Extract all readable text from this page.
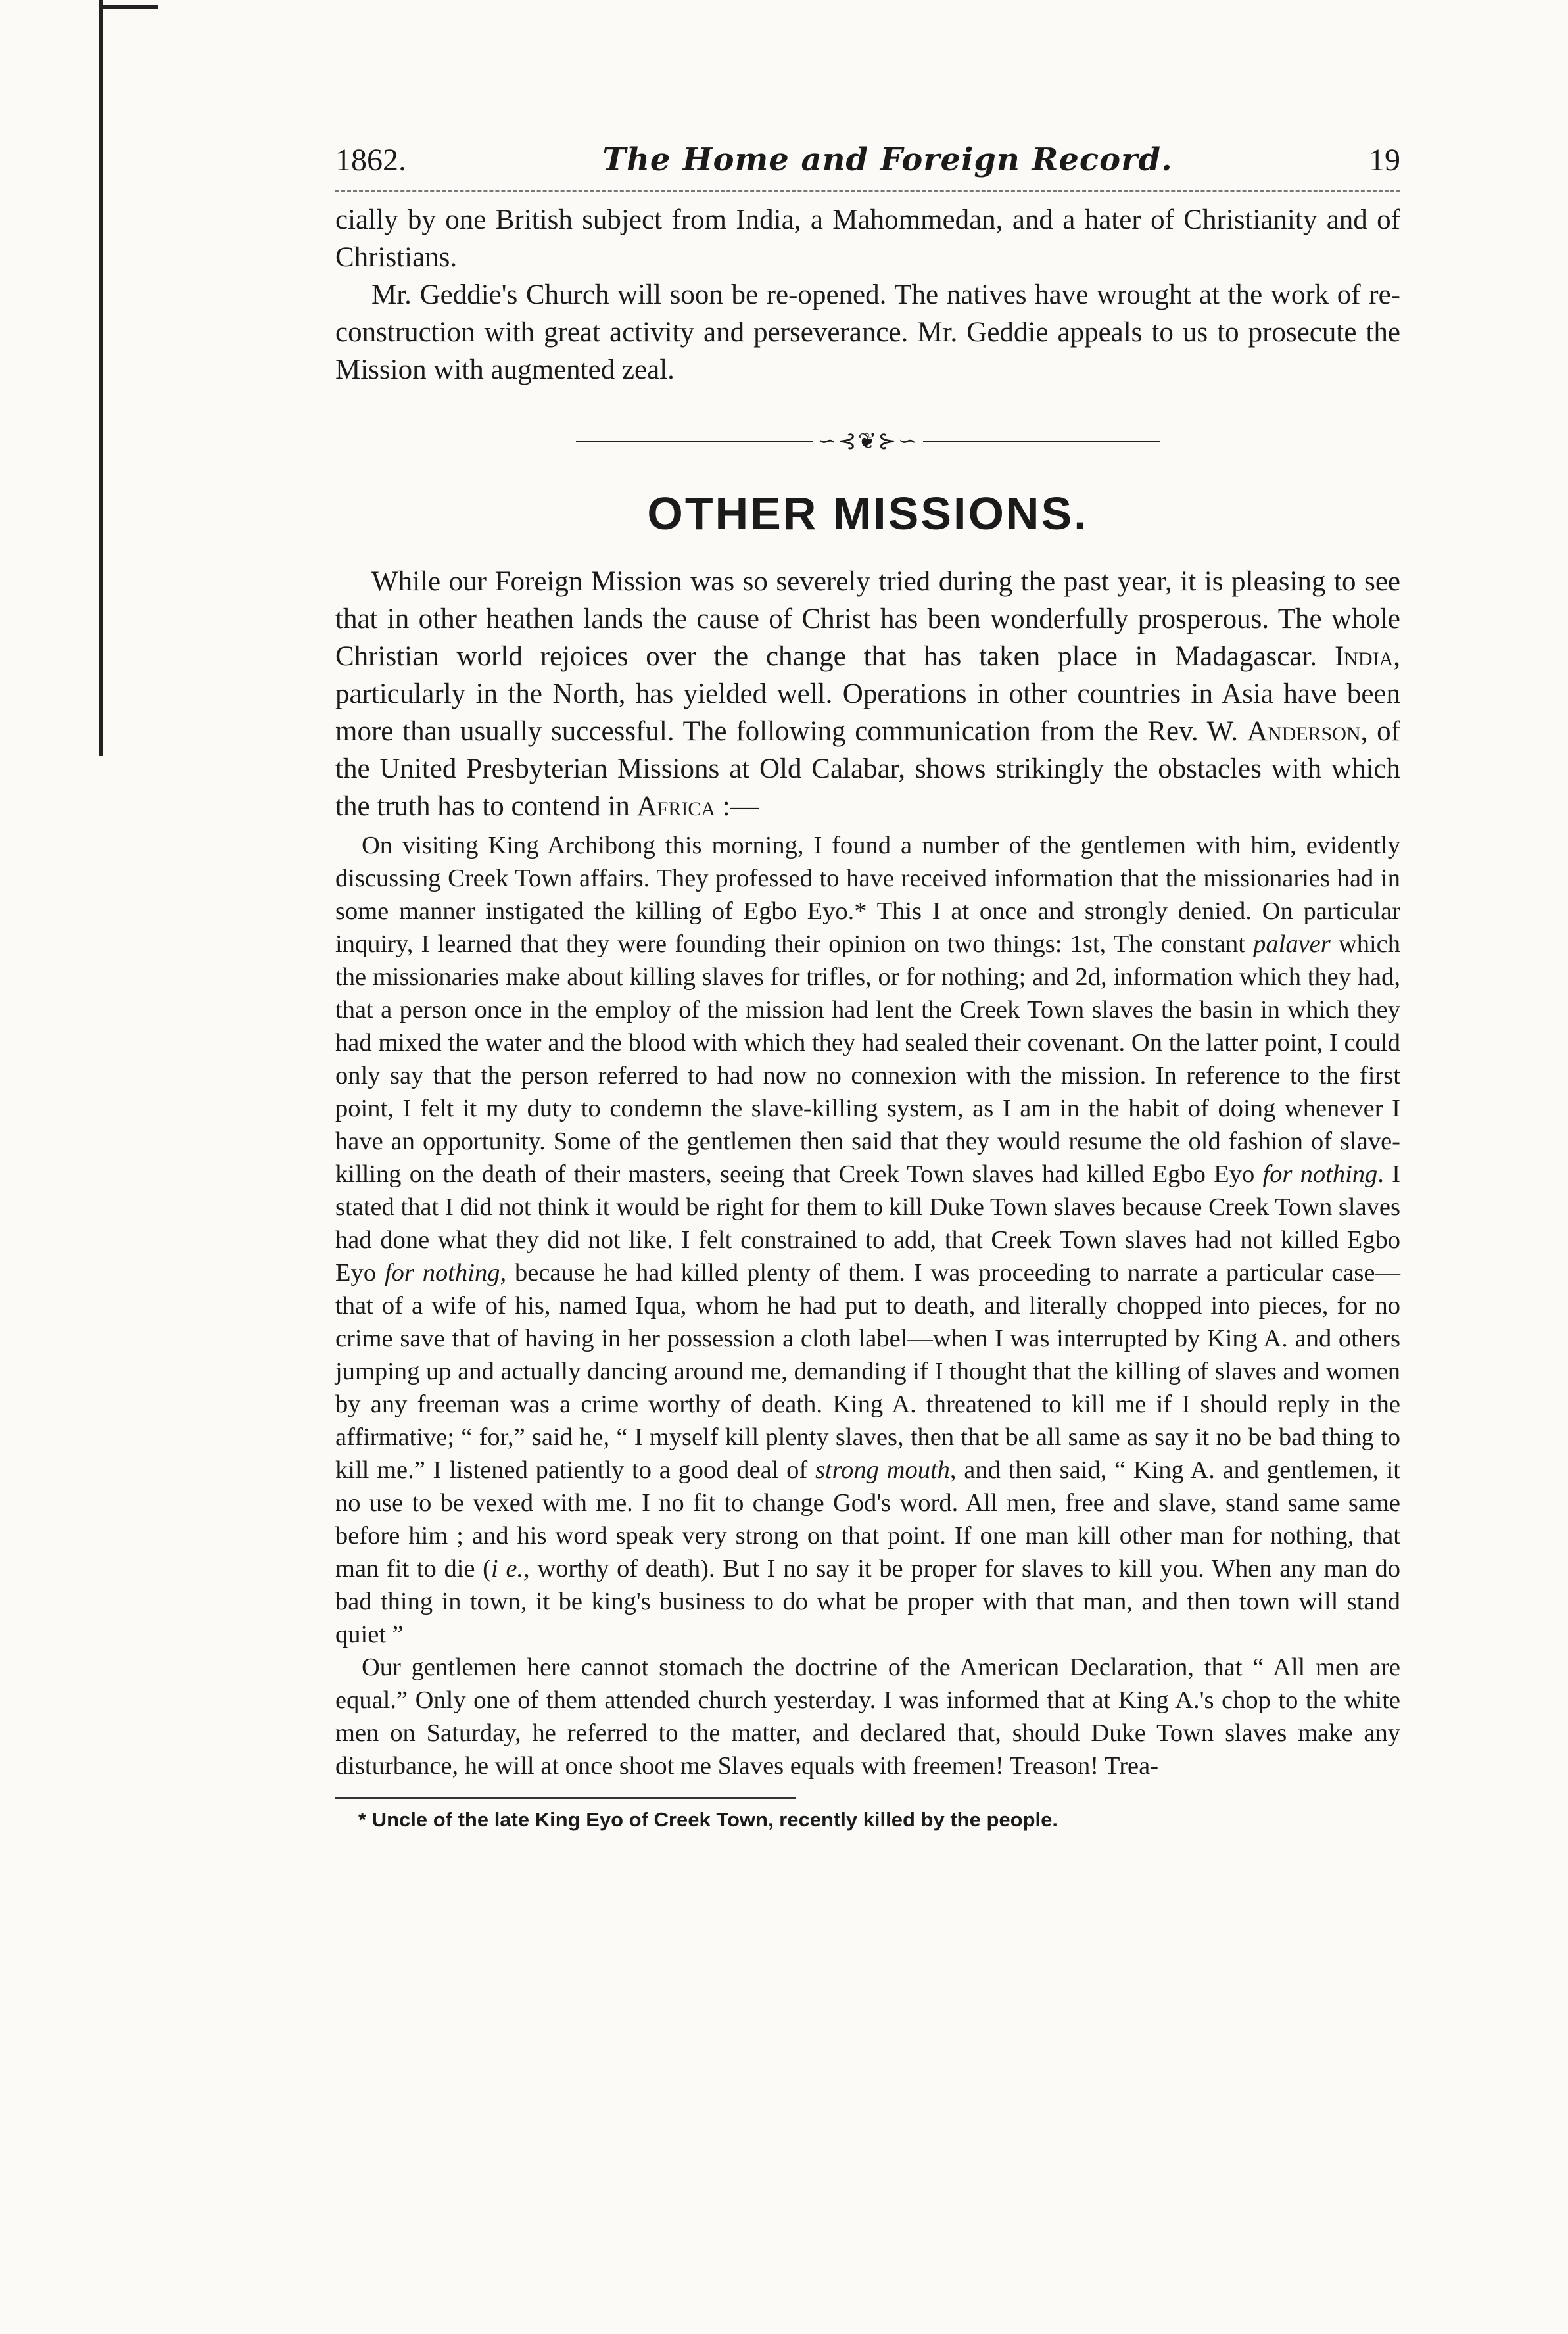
1862.	The Home and Foreign Record.	19

cially by one British subject from India, a Mahommedan, and a hater of Christianity and of Christians.

Mr. Geddie's Church will soon be re-opened. The natives have wrought at the work of re-construction with great activity and perseverance. Mr. Geddie appeals to us to prosecute the Mission with augmented zeal.

∽⊰❦⊱∽
OTHER MISSIONS.

While our Foreign Mission was so severely tried during the past year, it is pleasing to see that in other heathen lands the cause of Christ has been wonderfully prosperous. The whole Christian world rejoices over the change that has taken place in Madagascar. India, particularly in the North, has yielded well. Operations in other countries in Asia have been more than usually successful. The following communication from the Rev. W. Anderson, of the United Presbyterian Missions at Old Calabar, shows strikingly the obstacles with which the truth has to contend in Africa :—

On visiting King Archibong this morning, I found a number of the gentlemen with him, evidently discussing Creek Town affairs. They professed to have received information that the missionaries had in some manner instigated the killing of Egbo Eyo.* This I at once and strongly denied. On particular inquiry, I learned that they were founding their opinion on two things: 1st, The constant palaver which the missionaries make about killing slaves for trifles, or for nothing; and 2d, information which they had, that a person once in the employ of the mission had lent the Creek Town slaves the basin in which they had mixed the water and the blood with which they had sealed their covenant. On the latter point, I could only say that the person referred to had now no connexion with the mission. In reference to the first point, I felt it my duty to condemn the slave-killing system, as I am in the habit of doing whenever I have an opportunity. Some of the gentlemen then said that they would resume the old fashion of slave-killing on the death of their masters, seeing that Creek Town slaves had killed Egbo Eyo for nothing. I stated that I did not think it would be right for them to kill Duke Town slaves because Creek Town slaves had done what they did not like. I felt constrained to add, that Creek Town slaves had not killed Egbo Eyo for nothing, because he had killed plenty of them. I was proceeding to narrate a particular case—that of a wife of his, named Iqua, whom he had put to death, and literally chopped into pieces, for no crime save that of having in her possession a cloth label—when I was interrupted by King A. and others jumping up and actually dancing around me, demanding if I thought that the killing of slaves and women by any freeman was a crime worthy of death. King A. threatened to kill me if I should reply in the affirmative; “ for,” said he, “ I myself kill plenty slaves, then that be all same as say it no be bad thing to kill me.” I listened patiently to a good deal of strong mouth, and then said, “ King A. and gentlemen, it no use to be vexed with me. I no fit to change God's word. All men, free and slave, stand same same before him ; and his word speak very strong on that point. If one man kill other man for nothing, that man fit to die (i e., worthy of death). But I no say it be proper for slaves to kill you. When any man do bad thing in town, it be king's business to do what be proper with that man, and then town will stand quiet ”

Our gentlemen here cannot stomach the doctrine of the American Declaration, that “ All men are equal.” Only one of them attended church yesterday. I was informed that at King A.'s chop to the white men on Saturday, he referred to the matter, and declared that, should Duke Town slaves make any disturbance, he will at once shoot me Slaves equals with freemen! Treason! Trea-

* Uncle of the late King Eyo of Creek Town, recently killed by the people.
